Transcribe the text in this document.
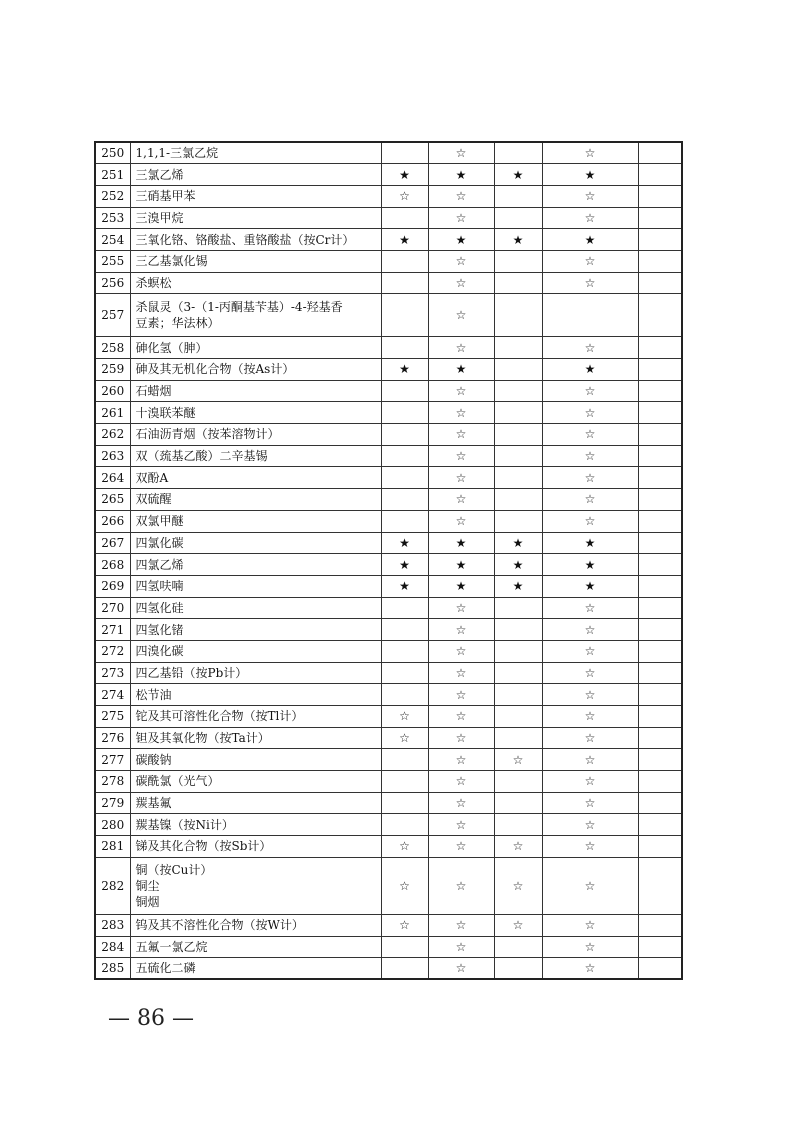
250	1,1,1-三氯乙烷		☆		☆	
251	三氯乙烯	★	★	★	★	
252	三硝基甲苯	☆	☆		☆	
253	三溴甲烷		☆		☆	
254	三氧化铬、铬酸盐、重铬酸盐（按Cr计）	★	★	★	★	
255	三乙基氯化锡		☆		☆	
256	杀螟松		☆		☆	
257	杀鼠灵（3-（1-丙酮基苄基）-4-羟基香
豆素；华法林）		☆			
258	砷化氢（胂）		☆		☆	
259	砷及其无机化合物（按As计）	★	★		★	
260	石蜡烟		☆		☆	
261	十溴联苯醚		☆		☆	
262	石油沥青烟（按苯溶物计）		☆		☆	
263	双（巯基乙酸）二辛基锡		☆		☆	
264	双酚A		☆		☆	
265	双硫醒		☆		☆	
266	双氯甲醚		☆		☆	
267	四氯化碳	★	★	★	★	
268	四氯乙烯	★	★	★	★	
269	四氢呋喃	★	★	★	★	
270	四氢化硅		☆		☆	
271	四氢化锗		☆		☆	
272	四溴化碳		☆		☆	
273	四乙基铅（按Pb计）		☆		☆	
274	松节油		☆		☆	
275	铊及其可溶性化合物（按Tl计）	☆	☆		☆	
276	钽及其氧化物（按Ta计）	☆	☆		☆	
277	碳酸钠		☆	☆	☆	
278	碳酰氯（光气）		☆		☆	
279	羰基氟		☆		☆	
280	羰基镍（按Ni计）		☆		☆	
281	锑及其化合物（按Sb计）	☆	☆	☆	☆	
282	铜（按Cu计）
铜尘
铜烟	☆	☆	☆	☆	
283	钨及其不溶性化合物（按W计）	☆	☆	☆	☆	
284	五氟一氯乙烷		☆		☆	
285	五硫化二磷		☆		☆	
— 86 —
